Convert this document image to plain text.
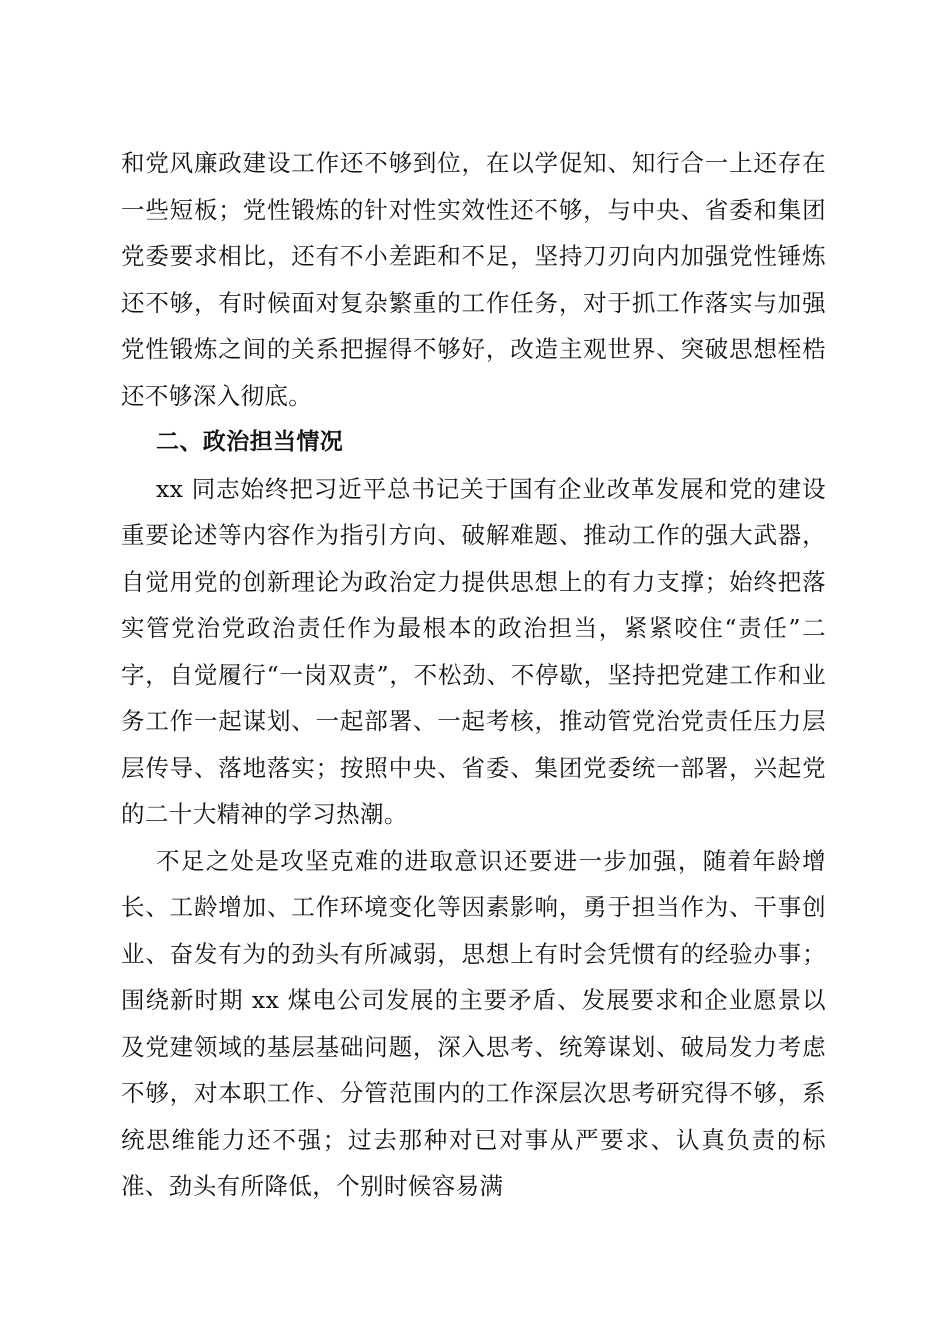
和党风廉政建设工作还不够到位，在以学促知、知行合一上还存在一些短板；党性锻炼的针对性实效性还不够，与中央、省委和集团党委要求相比，还有不小差距和不足，坚持刀刃向内加强党性锤炼还不够，有时候面对复杂繁重的工作任务，对于抓工作落实与加强党性锻炼之间的关系把握得不够好，改造主观世界、突破思想桎梏还不够深入彻底。

二、政治担当情况

xx 同志始终把习近平总书记关于国有企业改革发展和党的建设重要论述等内容作为指引方向、破解难题、推动工作的强大武器，自觉用党的创新理论为政治定力提供思想上的有力支撑；始终把落实管党治党政治责任作为最根本的政治担当，紧紧咬住“责任”二字，自觉履行“一岗双责”，不松劲、不停歇，坚持把党建工作和业务工作一起谋划、一起部署、一起考核，推动管党治党责任压力层层传导、落地落实；按照中央、省委、集团党委统一部署，兴起党的二十大精神的学习热潮。

不足之处是攻坚克难的进取意识还要进一步加强，随着年龄增长、工龄增加、工作环境变化等因素影响，勇于担当作为、干事创业、奋发有为的劲头有所减弱，思想上有时会凭惯有的经验办事；围绕新时期 xx 煤电公司发展的主要矛盾、发展要求和企业愿景以及党建领域的基层基础问题，深入思考、统筹谋划、破局发力考虑不够，对本职工作、分管范围内的工作深层次思考研究得不够，系统思维能力还不强；过去那种对已对事从严要求、认真负责的标准、劲头有所降低，个别时候容易满
